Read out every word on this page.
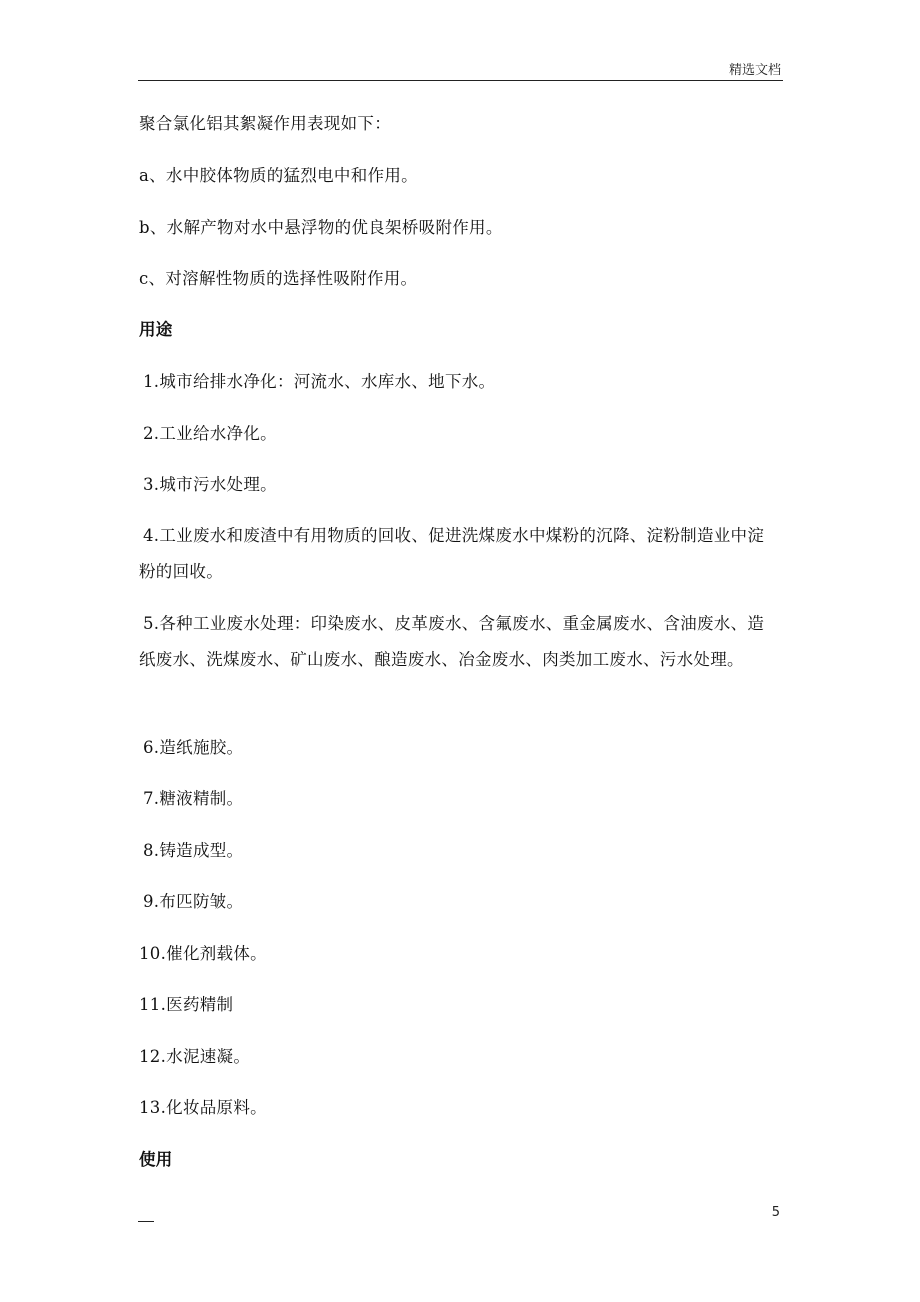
精选文档
聚合氯化铝其絮凝作用表现如下：
a、水中胶体物质的猛烈电中和作用。
b、水解产物对水中悬浮物的优良架桥吸附作用。
c、对溶解性物质的选择性吸附作用。
用途
1.城市给排水净化：河流水、水库水、地下水。
2.工业给水净化。
3.城市污水处理。
4.工业废水和废渣中有用物质的回收、促进洗煤废水中煤粉的沉降、淀粉制造业中淀粉的回收。
5.各种工业废水处理：印染废水、皮革废水、含氟废水、重金属废水、含油废水、造纸废水、洗煤废水、矿山废水、酿造废水、冶金废水、肉类加工废水、污水处理。
6.造纸施胶。
7.糖液精制。
8.铸造成型。
9.布匹防皱。
10.催化剂载体。
11.医药精制
12.水泥速凝。
13.化妆品原料。
使用
5
